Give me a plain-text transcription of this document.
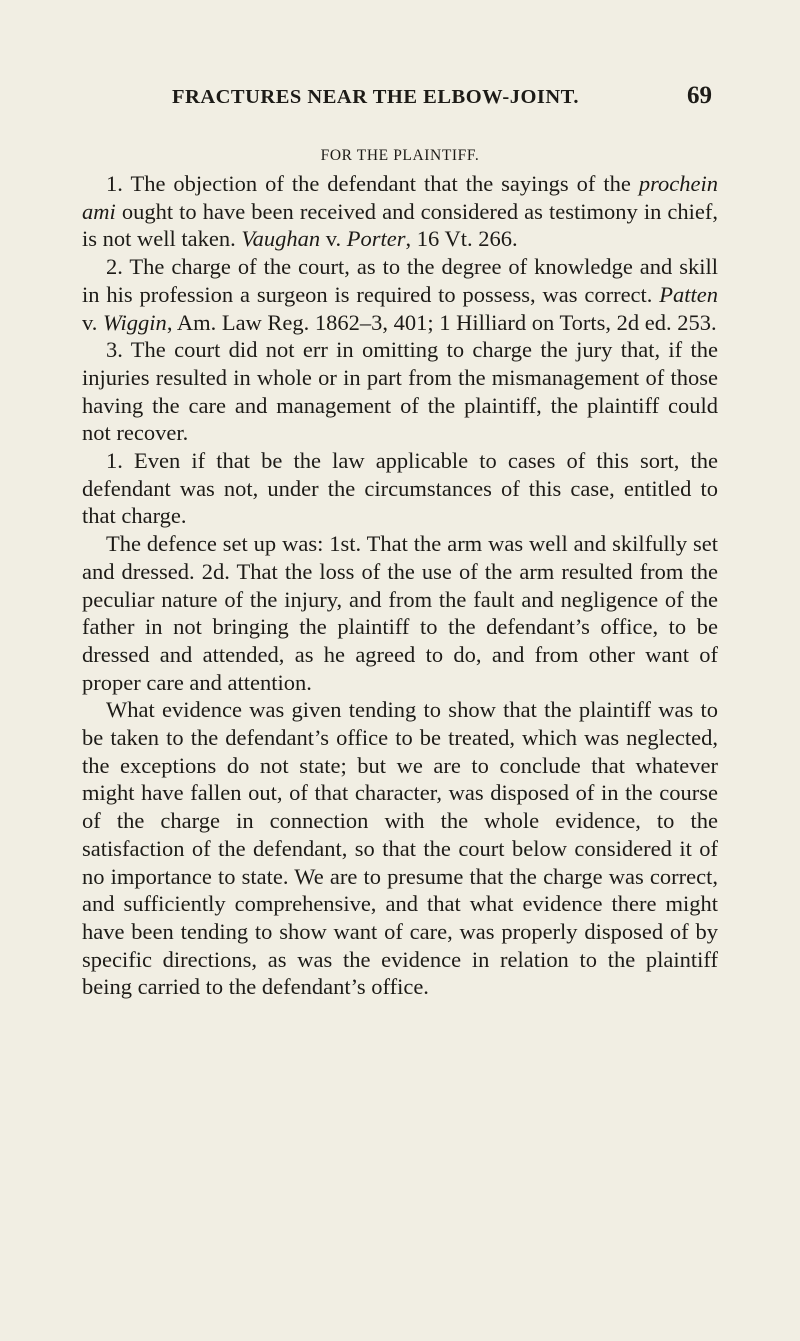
FRACTURES NEAR THE ELBOW-JOINT.	69
FOR THE PLAINTIFF.

1. The objection of the defendant that the sayings of the prochein ami ought to have been received and considered as testimony in chief, is not well taken. Vaughan v. Porter, 16 Vt. 266.

2. The charge of the court, as to the degree of knowledge and skill in his profession a surgeon is required to possess, was correct. Patten v. Wiggin, Am. Law Reg. 1862–3, 401; 1 Hilliard on Torts, 2d ed. 253.

3. The court did not err in omitting to charge the jury that, if the injuries resulted in whole or in part from the mismanagement of those having the care and management of the plaintiff, the plaintiff could not recover.

1. Even if that be the law applicable to cases of this sort, the defendant was not, under the circumstances of this case, entitled to that charge.

The defence set up was: 1st. That the arm was well and skilfully set and dressed. 2d. That the loss of the use of the arm resulted from the peculiar nature of the injury, and from the fault and negligence of the father in not bringing the plaintiff to the defendant’s office, to be dressed and attended, as he agreed to do, and from other want of proper care and attention.

What evidence was given tending to show that the plaintiff was to be taken to the defendant’s office to be treated, which was neglected, the exceptions do not state; but we are to conclude that whatever might have fallen out, of that character, was disposed of in the course of the charge in connection with the whole evidence, to the satisfaction of the defendant, so that the court below considered it of no importance to state. We are to presume that the charge was correct, and sufficiently comprehensive, and that what evidence there might have been tending to show want of care, was properly disposed of by specific directions, as was the evidence in relation to the plaintiff being carried to the defendant’s office.
